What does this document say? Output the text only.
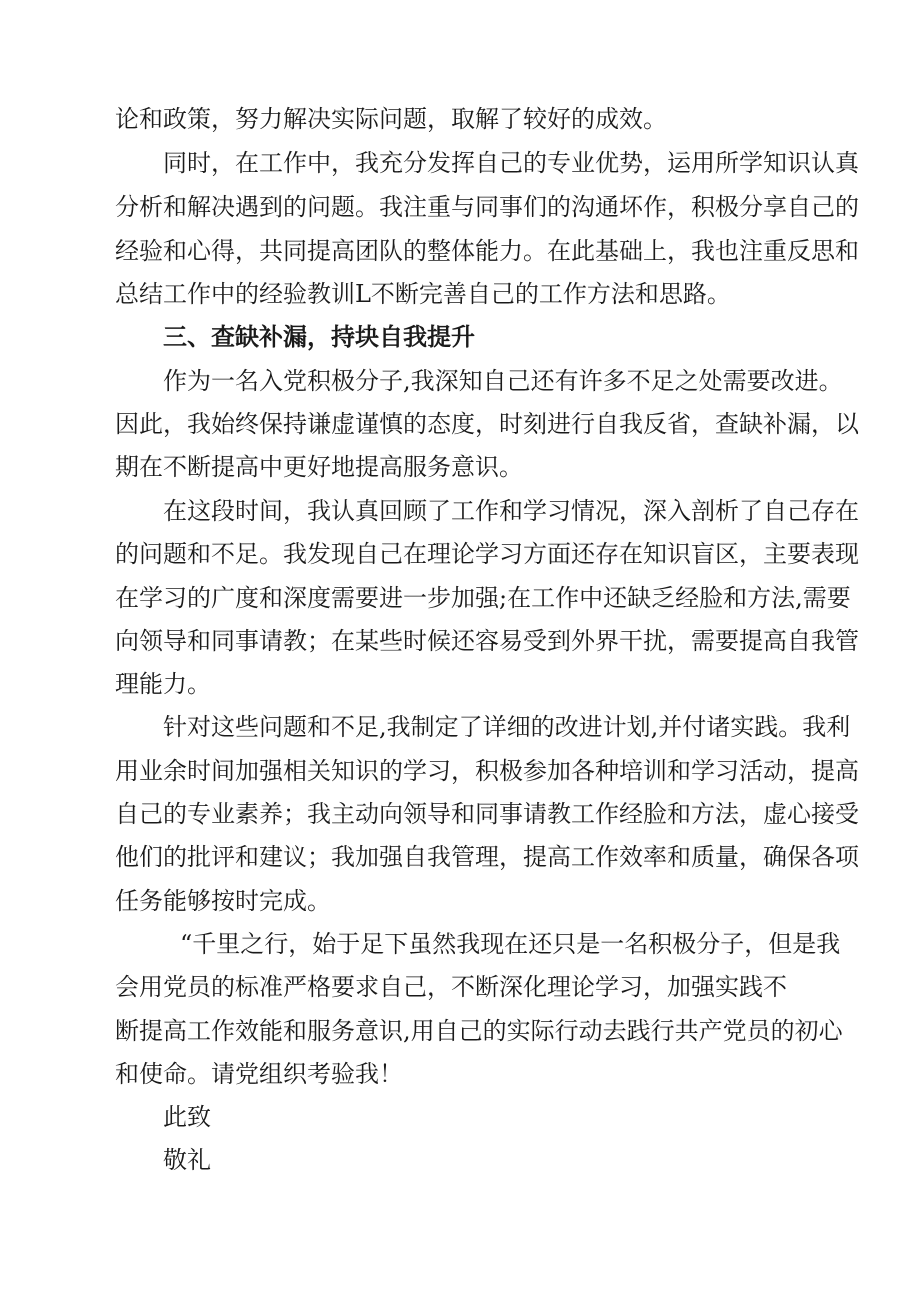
论和政策，努力解决实际问题，取解了较好的成效。

同时，在工作中，我充分发挥自己的专业优势，运用所学知识认真

分析和解决遇到的问题。我注重与同事们的沟通坏作，积极分享自己的

经验和心得，共同提高团队的整体能力。在此基础上，我也注重反思和

总结工作中的经验教训L不断完善自己的工作方法和思路。

三、查缺补漏，持块自我提升

作为一名入党积极分子,我深知自己还有许多不足之处需要改进。

因此，我始终保持谦虚谨慎的态度，时刻进行自我反省，查缺补漏，以

期在不断提高中更好地提高服务意识。

在这段时间，我认真回顾了工作和学习情况，深入剖析了自己存在

的问题和不足。我发现自己在理论学习方面还存在知识盲区，主要表现

在学习的广度和深度需要进一步加强;在工作中还缺乏经脸和方法,需要

向领导和同事请教；在某些时候还容易受到外界干扰，需要提高自我管

理能力。

针对这些问题和不足,我制定了详细的改进计划,并付诸实践。我利

用业余时间加强相关知识的学习，积极参加各种培训和学习活动，提高

自己的专业素养；我主动向领导和同事请教工作经脸和方法，虚心接受

他们的批评和建议；我加强自我管理，提高工作效率和质量，确保各项

任务能够按时完成。

“千里之行，始于足下虽然我现在还只是一名积极分子，但是我

会用党员的标准严格要求自己，不断深化理论学习，加强实践不

断提高工作效能和服务意识,用自己的实际行动去践行共产党员的初心

和使命。请党组织考验我！

此致

敬礼
